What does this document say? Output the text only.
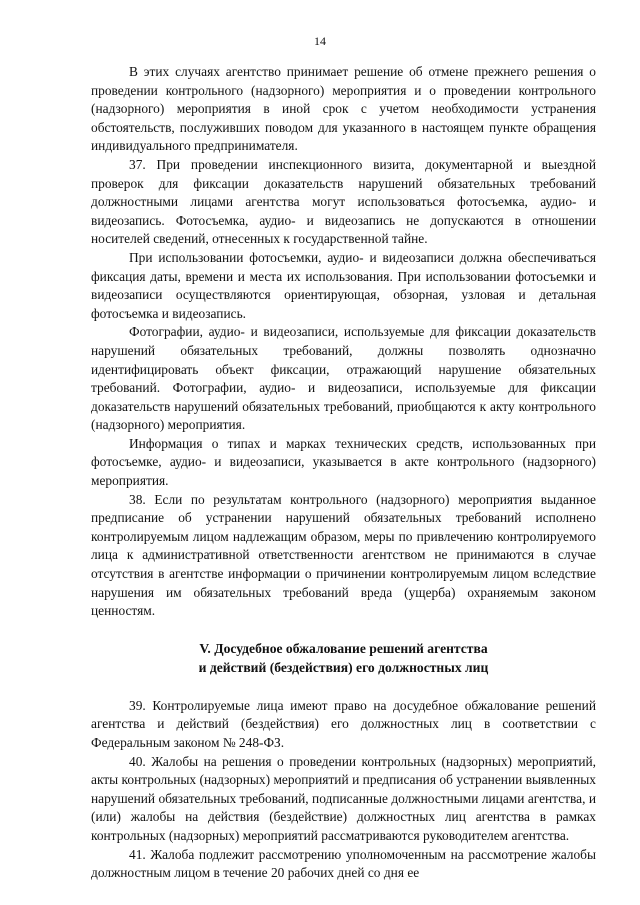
14

В этих случаях агентство принимает решение об отмене прежнего решения о проведении контрольного (надзорного) мероприятия и о проведении контрольного (надзорного) мероприятия в иной срок с учетом необходимости устранения обстоятельств, послуживших поводом для указанного в настоящем пункте обращения индивидуального предпринимателя.

37. При проведении инспекционного визита, документарной и выездной проверок для фиксации доказательств нарушений обязательных требований должностными лицами агентства могут использоваться фотосъемка, аудио- и видеозапись. Фотосъемка, аудио- и видеозапись не допускаются в отношении носителей сведений, отнесенных к государственной тайне.

При использовании фотосъемки, аудио- и видеозаписи должна обеспечиваться фиксация даты, времени и места их использования. При использовании фотосъемки и видеозаписи осуществляются ориентирующая, обзорная, узловая и детальная фотосъемка и видеозапись.

Фотографии, аудио- и видеозаписи, используемые для фиксации доказательств нарушений обязательных требований, должны позволять однозначно идентифицировать объект фиксации, отражающий нарушение обязательных требований. Фотографии, аудио- и видеозаписи, используемые для фиксации доказательств нарушений обязательных требований, приобщаются к акту контрольного (надзорного) мероприятия.

Информация о типах и марках технических средств, использованных при фотосъемке, аудио- и видеозаписи, указывается в акте контрольного (надзорного) мероприятия.

38. Если по результатам контрольного (надзорного) мероприятия выданное предписание об устранении нарушений обязательных требований исполнено контролируемым лицом надлежащим образом, меры по привлечению контролируемого лица к административной ответственности агентством не принимаются в случае отсутствия в агентстве информации о причинении контролируемым лицом вследствие нарушения им обязательных требований вреда (ущерба) охраняемым законом ценностям.

V. Досудебное обжалование решений агентства
и действий (бездействия) его должностных лиц

39. Контролируемые лица имеют право на досудебное обжалование решений агентства и действий (бездействия) его должностных лиц в соответствии с Федеральным законом № 248-ФЗ.

40. Жалобы на решения о проведении контрольных (надзорных) мероприятий, акты контрольных (надзорных) мероприятий и предписания об устранении выявленных нарушений обязательных требований, подписанные должностными лицами агентства, и (или) жалобы на действия (бездействие) должностных лиц агентства в рамках контрольных (надзорных) мероприятий рассматриваются руководителем агентства.

41. Жалоба подлежит рассмотрению уполномоченным на рассмотрение жалобы должностным лицом в течение 20 рабочих дней со дня ее
